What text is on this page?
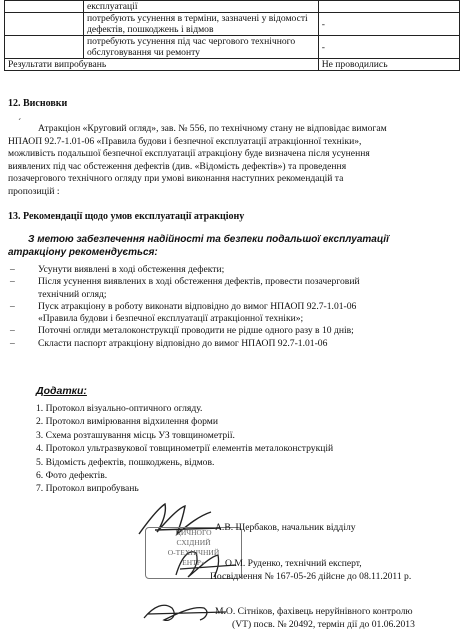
	експлуатації	
	потребують усунення в терміни, зазначені у відомості дефектів, пошкоджень і відмов	-
	потребують усунення під час чергового технічного обслуговування чи ремонту	-
Результати випробувань		Не проводились
12. Висновки
ˊ	Атракціон «Круговий огляд», зав. № 556, по технічному стану не відповідає вимогам
НПАОП 92.7-1.01-06 «Правила будови і безпечної експлуатації атракціонної техніки»,
можливість подальшої безпечної експлуатації атракціону буде визначена після усунення
виявлених під час обстеження дефектів (див. «Відомість дефектів») та проведення
позачергового технічного огляду при умові виконання наступних рекомендацій та
пропозицій :
13. Рекомендації щодо умов експлуатації атракціону
З метою забезпечення надійності та безпеки подальшої експлуатації
атракціону рекомендується:
– Усунути виявлені в ході обстеження дефекти;
– Після усунення виявлених в ході обстеження дефектів, провести позачерговий
технічний огляд;
– Пуск атракціону в роботу виконати відповідно до вимог НПАОП 92.7-1.01-06
«Правила будови і безпечної експлуатації атракціонної техніки»;
– Поточні огляди металоконструкції проводити не рідше одного разу в 10 днів;
– Скласти паспорт атракціону відповідно до вимог НПАОП 92.7-1.01-06
Додатки:
1. Протокол візуально-оптичного огляду.
2. Протокол вимірювання відхилення форми
3. Схема розташування місць УЗ товщинометрії.
4. Протокол ультразвукової товщинометрії елементів металоконструкцій
5. Відомість дефектів, пошкоджень, відмов.
6. Фото дефектів.
7. Протокол випробувань
ЦИЧНОГО
СХІДНИЙ
О-ТЕХНІЧНИЙ
ЕНТР»
А.В. Щербаков, начальник відділу
О.М. Руденко, технічний експерт,
Посвідчення № 167-05-26 дійсне до 08.11.2011 р.
М.О. Сітніков, фахівець неруйнівного контролю
(VT) посв. № 20492, термін дії до 01.06.2013
